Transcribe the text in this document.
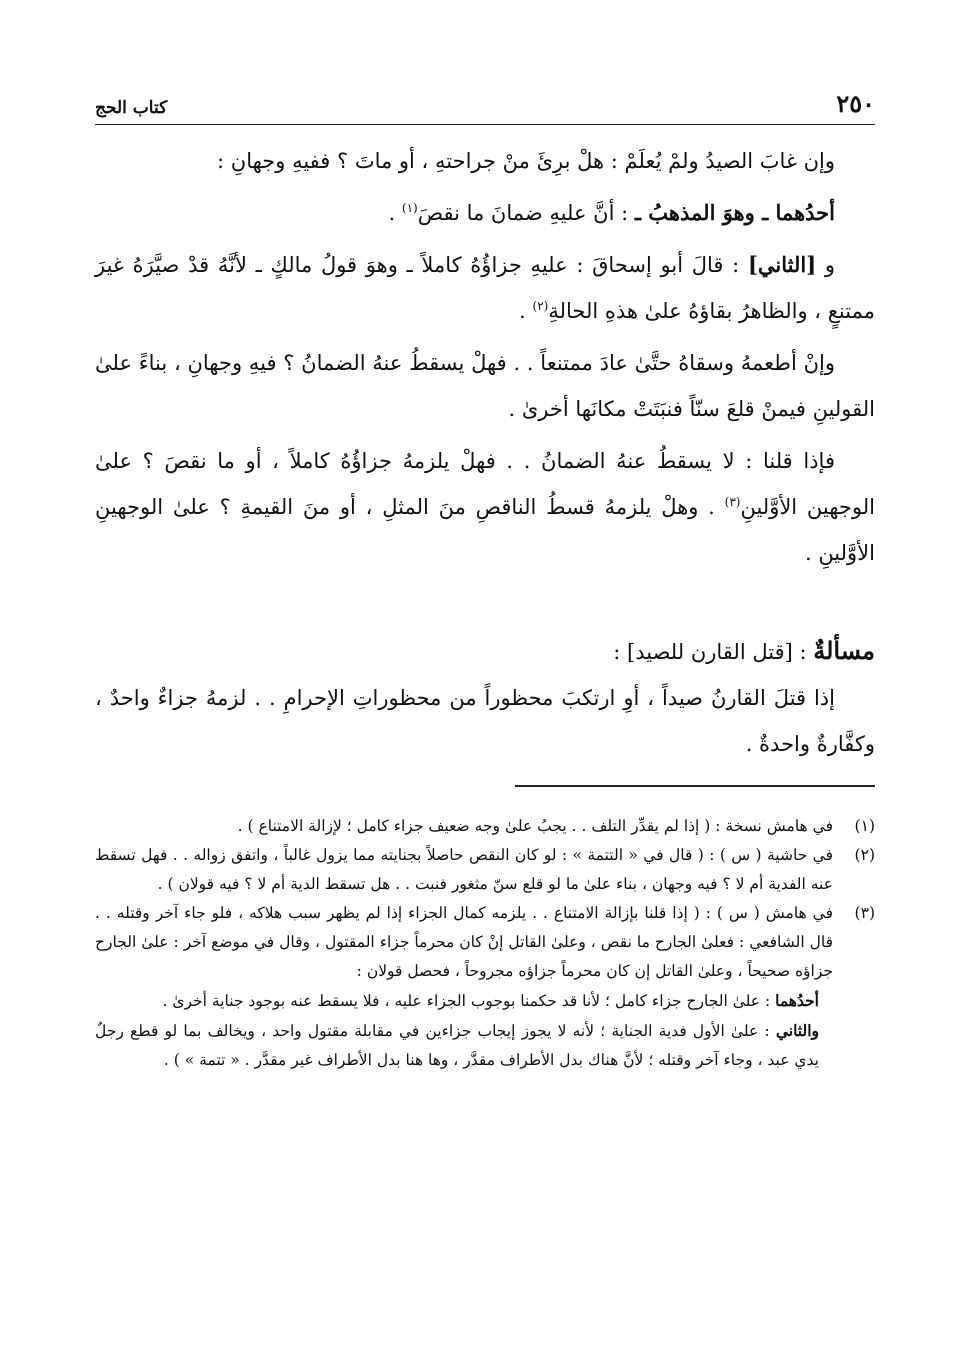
٢٥٠
كتاب الحج

وإن غابَ الصيدُ ولمْ يُعلَمْ : هلْ برِئَ منْ جراحتهِ ، أو ماتَ ؟ ففيهِ وجهانِ :

أحدُهما ـ وهوَ المذهبُ ـ : أنَّ عليهِ ضمانَ ما نقصَ$^{(١)}$ .

و [الثاني] : قالَ أبو إسحاقَ : عليهِ جزاؤُهُ كاملاً ـ وهوَ قولُ مالكٍ ـ لأنَّهُ قدْ صيَّرَهُ غيرَ ممتنعٍ ، والظاهرُ بقاؤهُ علىٰ هذهِ الحالةِ$^{(٢)}$ .

وإنْ أطعمهُ وسقاهُ حتَّىٰ عادَ ممتنعاً . . فهلْ يسقطُ عنهُ الضمانُ ؟ فيهِ وجهانِ ، بناءً علىٰ القولينِ فيمنْ قلعَ سنّاً فنبَتَتْ مكانَها أخرىٰ .

فإذا قلنا : لا يسقطُ عنهُ الضمانُ . . فهلْ يلزمهُ جزاؤُهُ كاملاً ، أو ما نقصَ ؟ علىٰ الوجهين الأوَّلينِ$^{(٣)}$ . وهلْ يلزمهُ قسطُ الناقصِ منَ المثلِ ، أو منَ القيمةِ ؟ علىٰ الوجهينِ الأوَّلينِ .

مسألةٌ : [قتل القارن للصيد] :

إذا قتلَ القارنُ صيداً ، أوِ ارتكبَ محظوراً من محظوراتِ الإحرامِ . . لزمهُ جزاءٌ واحدٌ ، وكفَّارةٌ واحدةٌ .

(١)
في هامش نسخة : ( إذا لم يقدِّر التلف . . يجبُ علىٰ وجه ضعيف جزاء كامل ؛ لإزالة الامتناع ) .
(٢)
في حاشية ( س ) : ( قال في « التتمة » : لو كان النقص حاصلاً بجنايته مما يزول غالباً ، واتفق زواله . . فهل تسقط عنه الفدية أم لا ؟ فيه وجهان ، بناء علىٰ ما لو قلع سنّ مثغور فنبت . . هل تسقط الدية أم لا ؟ فيه قولان ) .
(٣)

في هامش ( س ) : ( إذا قلنا بإزالة الامتناع . . يلزمه كمال الجزاء إذا لم يظهر سبب هلاكه ، فلو جاء آخر وقتله . . قال الشافعي : فعلىٰ الجارح ما نقص ، وعلىٰ القاتل إنْ كان محرماً جزاء المقتول ، وقال في موضع آخر : علىٰ الجارح جزاؤه صحيحاً ، وعلىٰ القاتل إن كان محرماً جزاؤه مجروحاً ، فحصل قولان :

أحدُهما : علىٰ الجارح جزاء كامل ؛ لأنا قد حكمنا بوجوب الجزاء عليه ، فلا يسقط عنه بوجود جناية أخرىٰ .

والثاني : علىٰ الأول فدية الجناية ؛ لأنه لا يجوز إيجاب جزاءين في مقابلة مقتول واحد ، ويخالف بما لو قطع رجلٌ يدي عبد ، وجاء آخر وقتله ؛ لأنَّ هناك بدل الأطراف مقدَّر ، وها هنا بدل الأطراف غير مقدَّر . « تتمة » ) .
